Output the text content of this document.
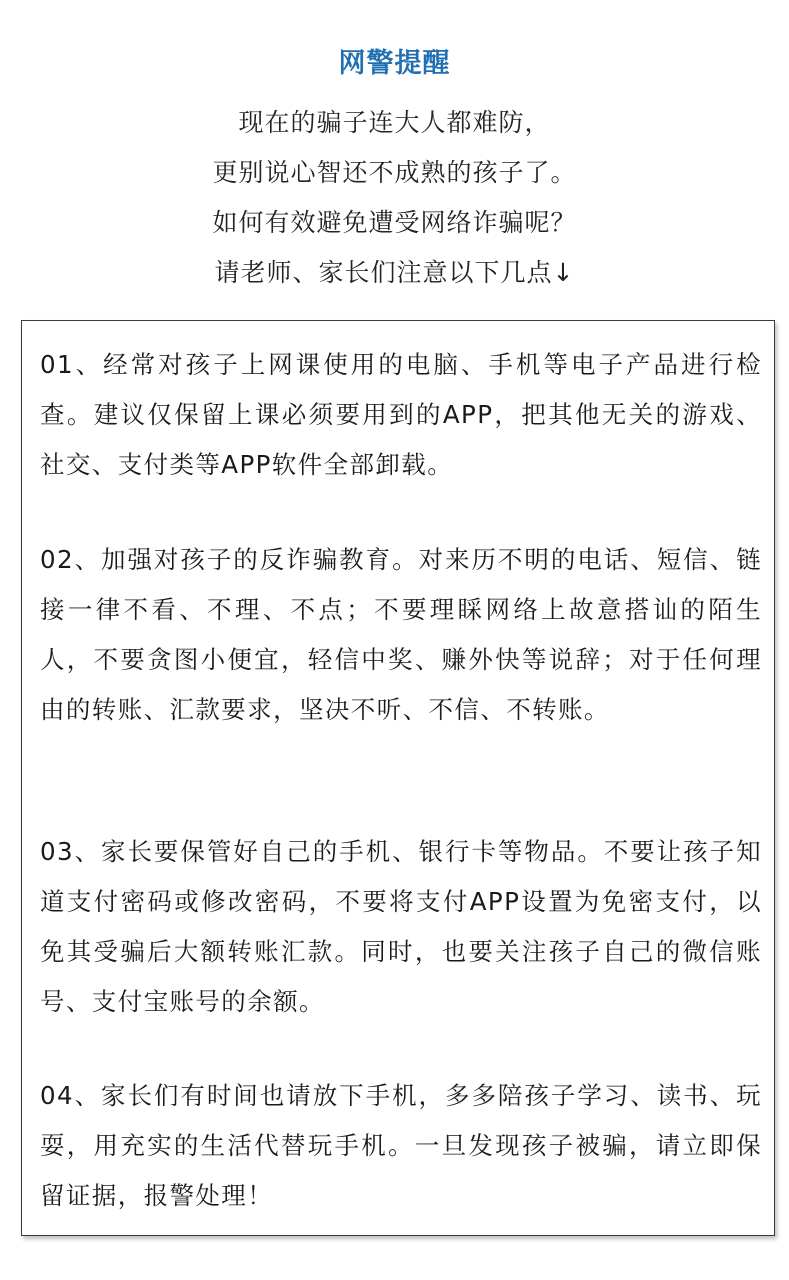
网警提醒
现在的骗子连大人都难防，
更别说心智还不成熟的孩子了。
如何有效避免遭受网络诈骗呢？
请老师、家长们注意以下几点↓
01、经常对孩子上网课使用的电脑、手机等电子产品进行检查。建议仅保留上课必须要用到的APP，把其他无关的游戏、社交、支付类等APP软件全部卸载。
02、加强对孩子的反诈骗教育。对来历不明的电话、短信、链接一律不看、不理、不点；不要理睬网络上故意搭讪的陌生人，不要贪图小便宜，轻信中奖、赚外快等说辞；对于任何理由的转账、汇款要求，坚决不听、不信、不转账。
03、家长要保管好自己的手机、银行卡等物品。不要让孩子知道支付密码或修改密码，不要将支付APP设置为免密支付，以免其受骗后大额转账汇款。同时，也要关注孩子自己的微信账号、支付宝账号的余额。
04、家长们有时间也请放下手机，多多陪孩子学习、读书、玩耍，用充实的生活代替玩手机。一旦发现孩子被骗，请立即保留证据，报警处理！
